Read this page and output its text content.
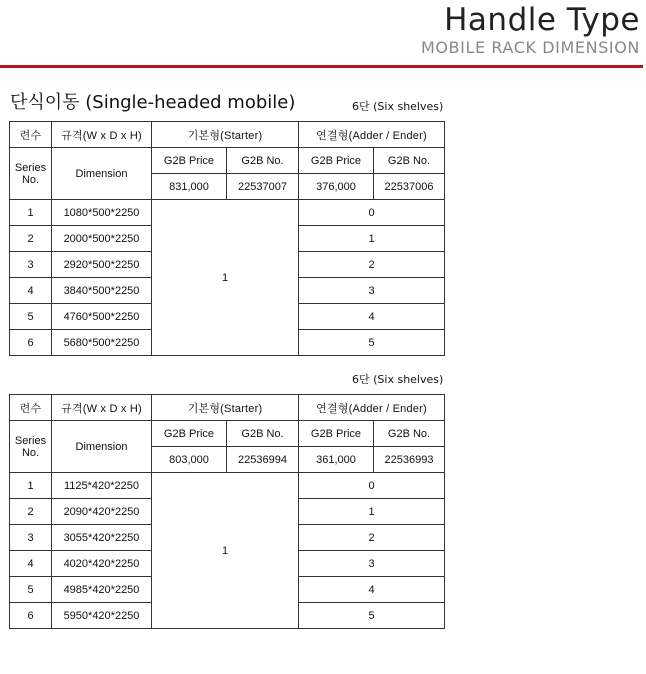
Handle Type
MOBILE RACK DIMENSION
단식이동 (Single-headed mobile)	6단 (Six shelves)
련수	규격(W x D x H)	기본형(Starter)		연결형(Adder / Ender)	
Series No.	Dimension	G2B Price	G2B No.	G2B Price	G2B No.
		831,000	22537007	376,000	22537006
1	1080*500*2250	1		0	
2	2000*500*2250			1	
3	2920*500*2250			2	
4	3840*500*2250			3	
5	4760*500*2250			4	
6	5680*500*2250			5	
6단 (Six shelves)
련수	규격(W x D x H)	기본형(Starter)		연결형(Adder / Ender)	
Series No.	Dimension	G2B Price	G2B No.	G2B Price	G2B No.
		803,000	22536994	361,000	22536993
1	1125*420*2250	1		0	
2	2090*420*2250			1	
3	3055*420*2250			2	
4	4020*420*2250			3	
5	4985*420*2250			4	
6	5950*420*2250			5	
